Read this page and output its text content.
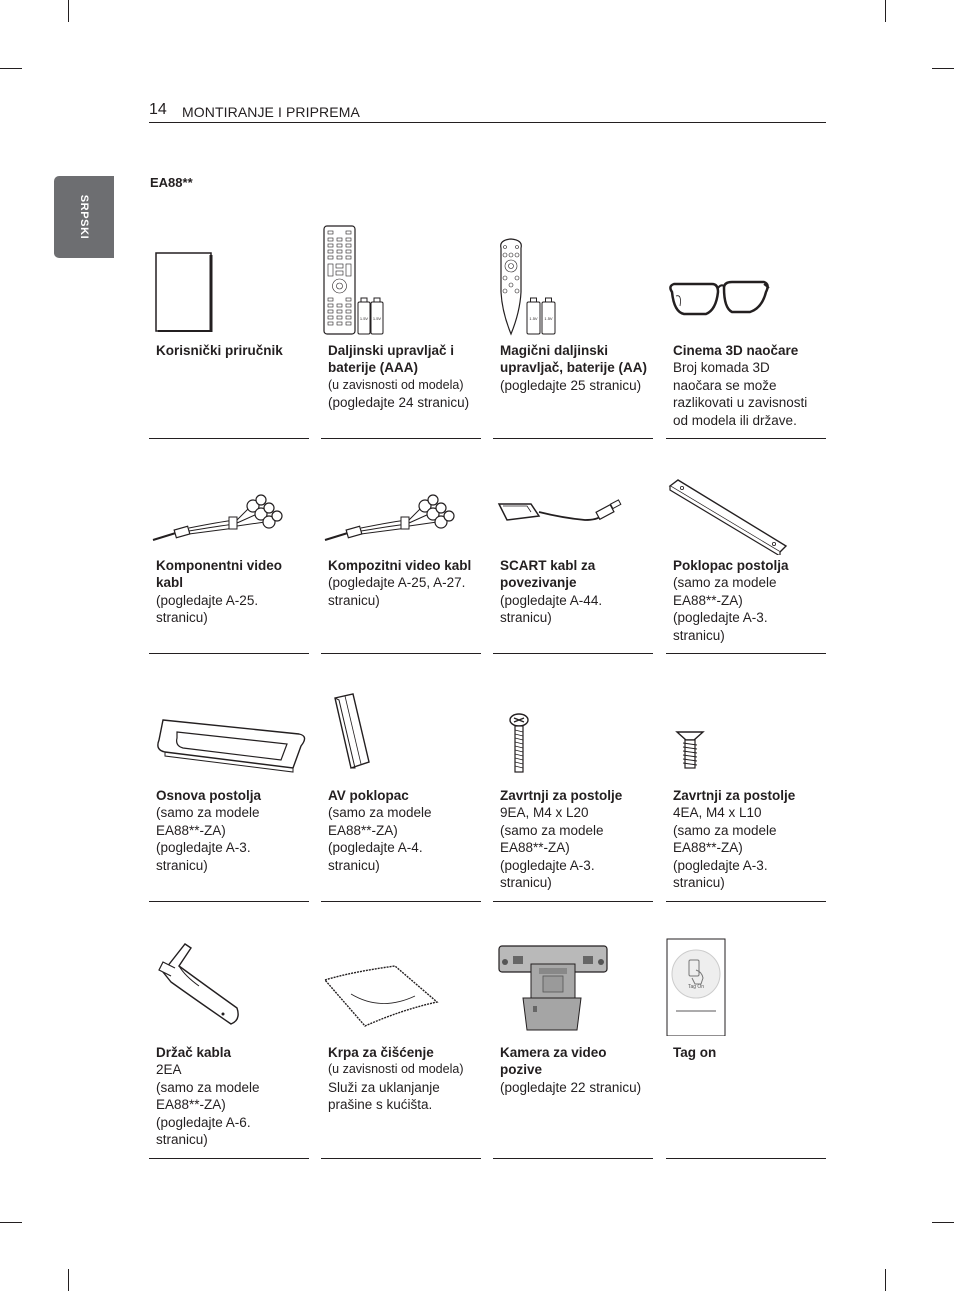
14 MONTIRANJE I PRIPREMA
SRPSKI
EA88**
Korisnički priručnik
1.5V 1.5V
Daljinski upravljač i baterije (AAA)
(u zavisnosti od modela)
(pogledajte 24 stranicu)
1.5V 1.5V
Magični daljinski upravljač, baterije (AA)
(pogledajte 25 stranicu)
Cinema 3D naočare
Broj komada 3D
naočara se može
razlikovati u zavisnosti
od modela ili države.
Komponentni video kabl
(pogledajte A-25.
stranicu)
Kompozitni video kabl
(pogledajte A-25, A-27.
stranicu)
SCART kabl za povezivanje
(pogledajte A-44.
stranicu)
Poklopac postolja
(samo za modele
EA88**-ZA)
(pogledajte A-3.
stranicu)
Osnova postolja
(samo za modele
EA88**-ZA)
(pogledajte A-3.
stranicu)
AV poklopac
(samo za modele
EA88**-ZA)
(pogledajte A-4.
stranicu)
Zavrtnji za postolje
9EA, M4 x L20
(samo za modele
EA88**-ZA)
(pogledajte A-3.
stranicu)
Zavrtnji za postolje
4EA, M4 x L10
(samo za modele
EA88**-ZA)
(pogledajte A-3.
stranicu)
Držač kabla
2EA
(samo za modele
EA88**-ZA)
(pogledajte A-6.
stranicu)
Krpa za čišćenje
(u zavisnosti od modela)
Služi za uklanjanje
prašine s kućišta.
Kamera za video pozive
(pogledajte 22 stranicu)
Tag On
Tag on
